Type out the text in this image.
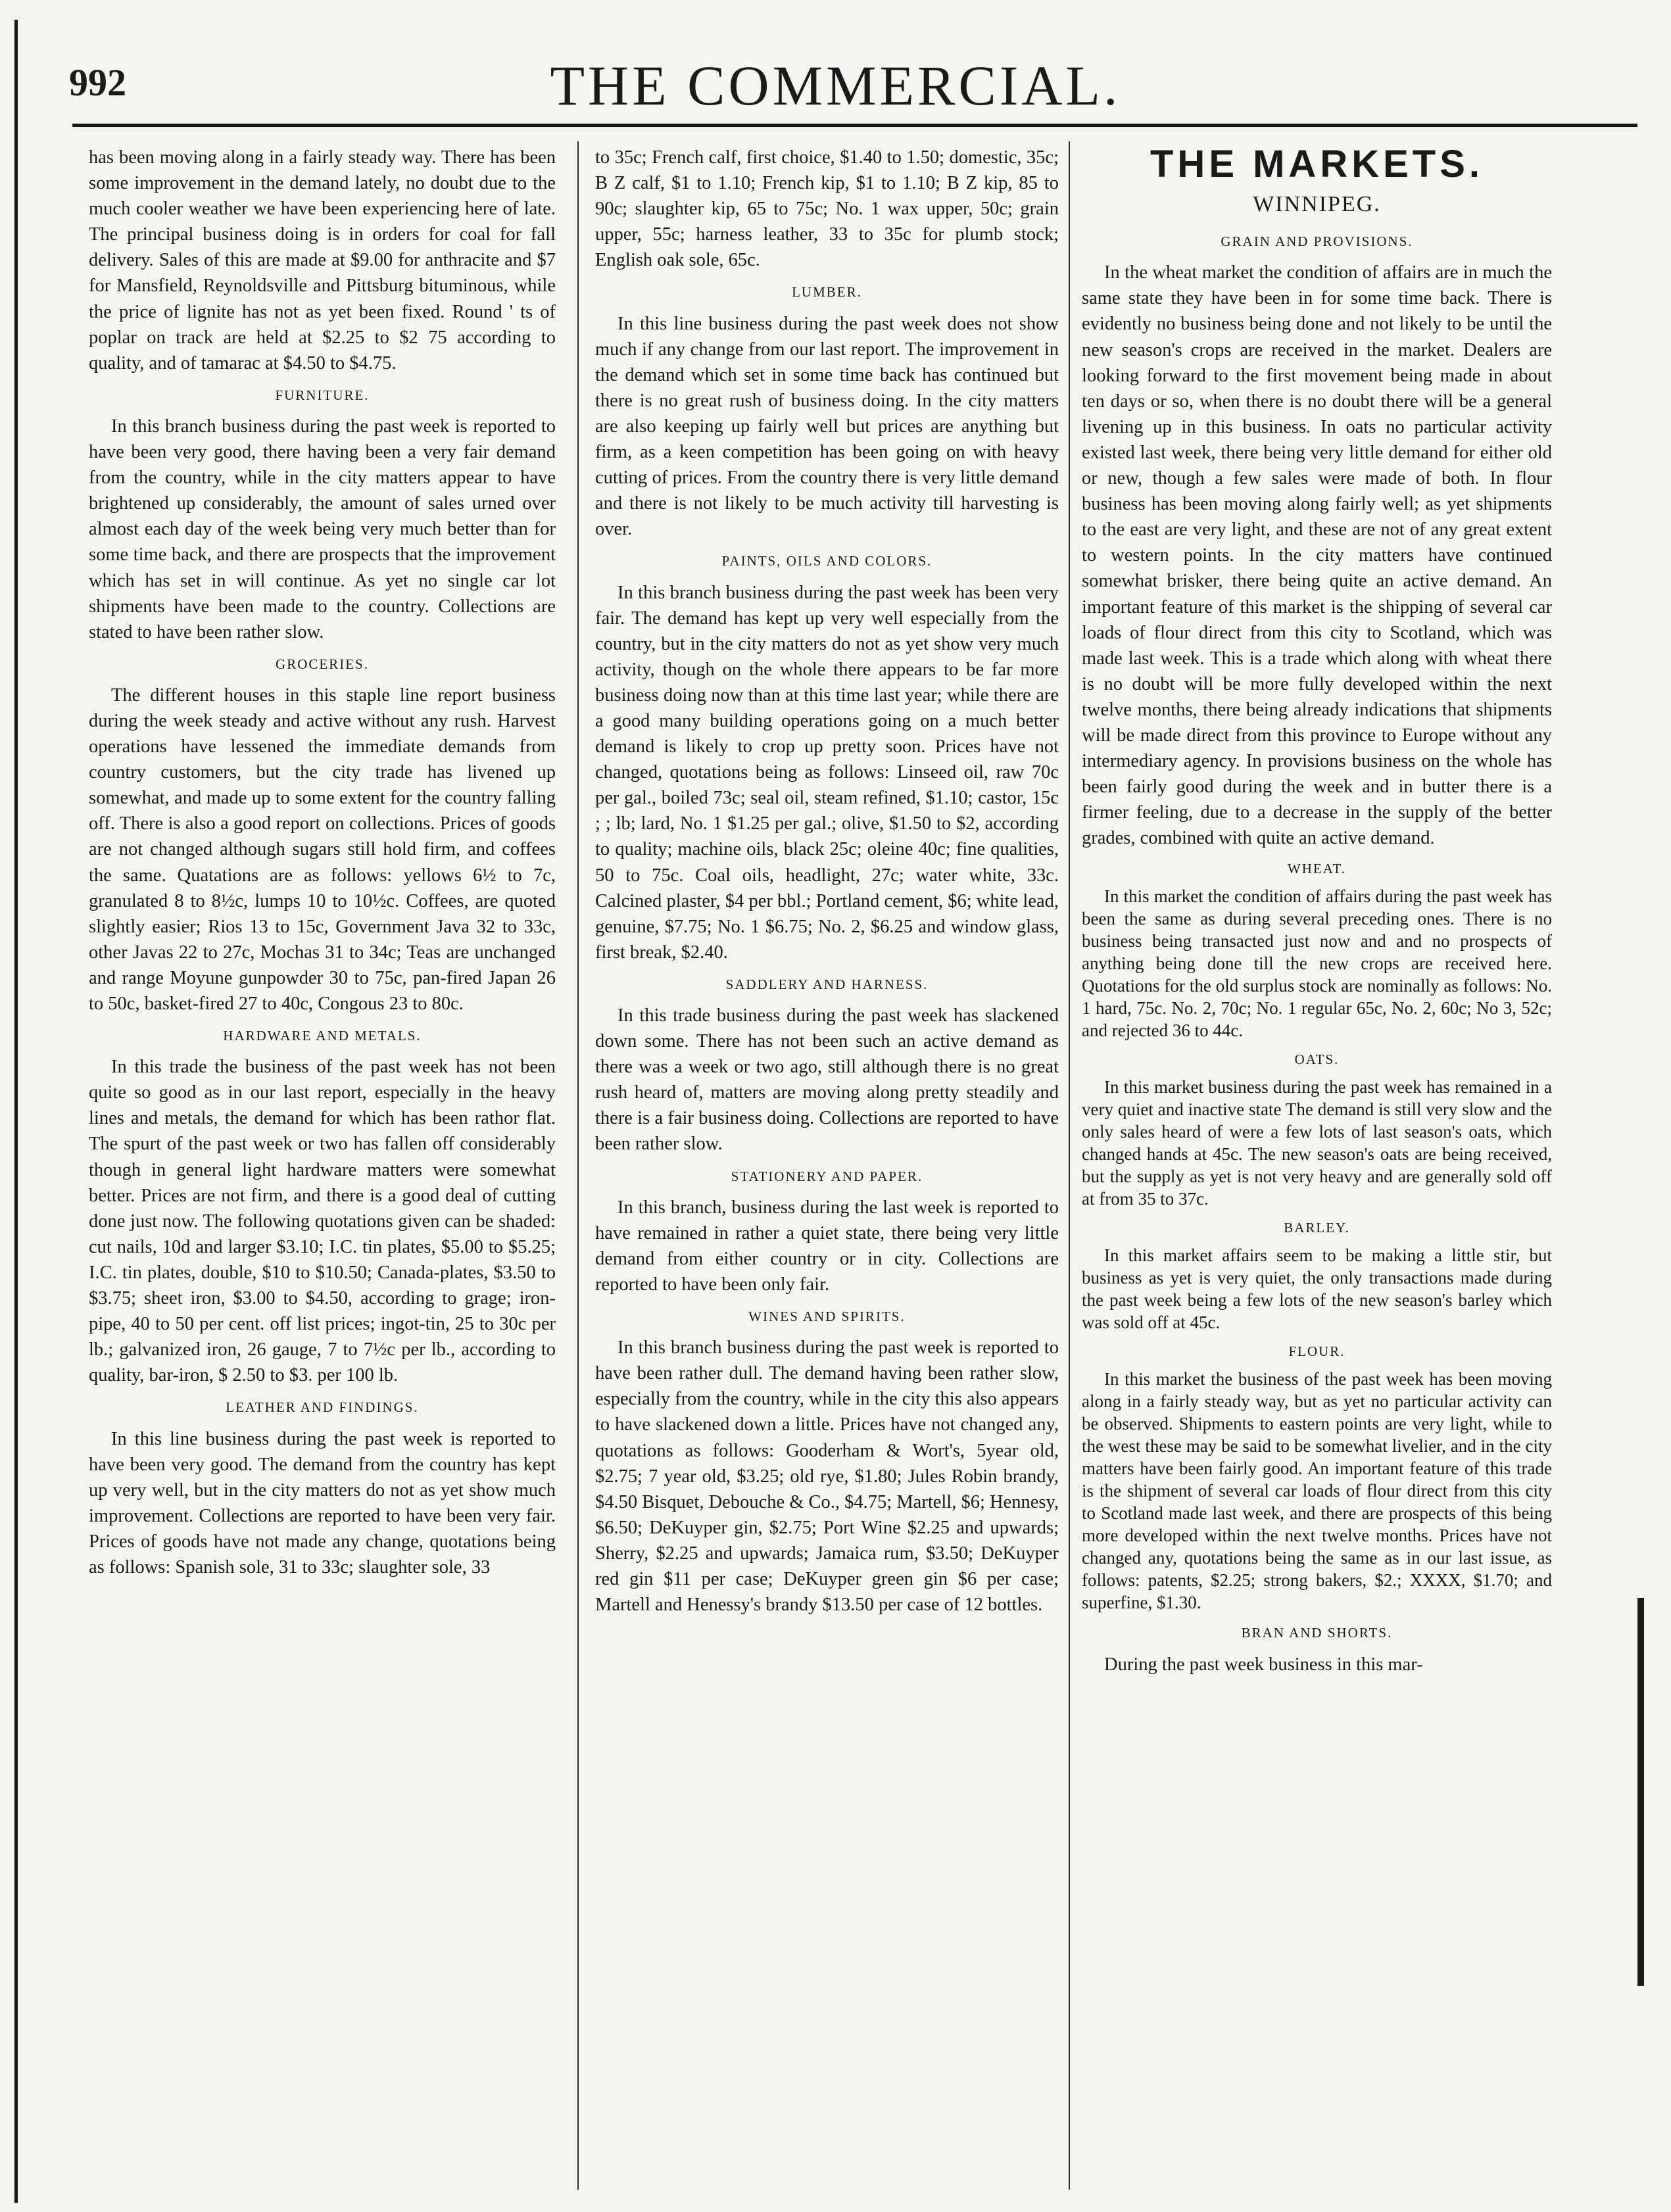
992	THE COMMERCIAL.

has been moving along in a fairly steady way. There has been some improvement in the demand lately, no doubt due to the much cooler weather we have been experiencing here of late. The principal business doing is in orders for coal for fall delivery. Sales of this are made at $9.00 for anthracite and $7 for Mansfield, Reynoldsville and Pittsburg bituminous, while the price of lignite has not as yet been fixed. Round ' ts of poplar on track are held at $2.25 to $2 75 according to quality, and of tamarac at $4.50 to $4.75.

FURNITURE.

In this branch business during the past week is reported to have been very good, there having been a very fair demand from the country, while in the city matters appear to have brightened up considerably, the amount of sales urned over almost each day of the week being very much better than for some time back, and there are prospects that the improvement which has set in will continue. As yet no single car lot shipments have been made to the country. Collections are stated to have been rather slow.

GROCERIES.

The different houses in this staple line report business during the week steady and active without any rush. Harvest operations have lessened the immediate demands from country customers, but the city trade has livened up somewhat, and made up to some extent for the country falling off. There is also a good report on collections. Prices of goods are not changed although sugars still hold firm, and coffees the same. Quatations are as follows: yellows 6½ to 7c, granulated 8 to 8½c, lumps 10 to 10½c. Coffees, are quoted slightly easier; Rios 13 to 15c, Government Java 32 to 33c, other Javas 22 to 27c, Mochas 31 to 34c; Teas are unchanged and range Moyune gunpowder 30 to 75c, pan-fired Japan 26 to 50c, basket-fired 27 to 40c, Congous 23 to 80c.

HARDWARE AND METALS.

In this trade the business of the past week has not been quite so good as in our last report, especially in the heavy lines and metals, the demand for which has been rathor flat. The spurt of the past week or two has fallen off considerably though in general light hardware matters were somewhat better. Prices are not firm, and there is a good deal of cutting done just now. The following quotations given can be shaded: cut nails, 10d and larger $3.10; I.C. tin plates, $5.00 to $5.25; I.C. tin plates, double, $10 to $10.50; Canada-plates, $3.50 to $3.75; sheet iron, $3.00 to $4.50, according to grage; iron-pipe, 40 to 50 per cent. off list prices; ingot-tin, 25 to 30c per lb.; galvanized iron, 26 gauge, 7 to 7½c per lb., according to quality, bar-iron, $ 2.50 to $3. per 100 lb.

LEATHER AND FINDINGS.

In this line business during the past week is reported to have been very good. The demand from the country has kept up very well, but in the city matters do not as yet show much improvement. Collections are reported to have been very fair. Prices of goods have not made any change, quotations being as follows: Spanish sole, 31 to 33c; slaughter sole, 33

to 35c; French calf, first choice, $1.40 to 1.50; domestic, 35c; B Z calf, $1 to 1.10; French kip, $1 to 1.10; B Z kip, 85 to 90c; slaughter kip, 65 to 75c; No. 1 wax upper, 50c; grain upper, 55c; harness leather, 33 to 35c for plumb stock; English oak sole, 65c.

LUMBER.

In this line business during the past week does not show much if any change from our last report. The improvement in the demand which set in some time back has continued but there is no great rush of business doing. In the city matters are also keeping up fairly well but prices are anything but firm, as a keen competition has been going on with heavy cutting of prices. From the country there is very little demand and there is not likely to be much activity till harvesting is over.

PAINTS, OILS AND COLORS.

In this branch business during the past week has been very fair. The demand has kept up very well especially from the country, but in the city matters do not as yet show very much activity, though on the whole there appears to be far more business doing now than at this time last year; while there are a good many building operations going on a much better demand is likely to crop up pretty soon. Prices have not changed, quotations being as follows: Linseed oil, raw 70c per gal., boiled 73c; seal oil, steam refined, $1.10; castor, 15c ; ; lb; lard, No. 1 $1.25 per gal.; olive, $1.50 to $2, according to quality; machine oils, black 25c; oleine 40c; fine qualities, 50 to 75c. Coal oils, headlight, 27c; water white, 33c. Calcined plaster, $4 per bbl.; Portland cement, $6; white lead, genuine, $7.75; No. 1 $6.75; No. 2, $6.25 and window glass, first break, $2.40.

SADDLERY AND HARNESS.

In this trade business during the past week has slackened down some. There has not been such an active demand as there was a week or two ago, still although there is no great rush heard of, matters are moving along pretty steadily and there is a fair business doing. Collections are reported to have been rather slow.

STATIONERY AND PAPER.

In this branch, business during the last week is reported to have remained in rather a quiet state, there being very little demand from either country or in city. Collections are reported to have been only fair.

WINES AND SPIRITS.

In this branch business during the past week is reported to have been rather dull. The demand having been rather slow, especially from the country, while in the city this also appears to have slackened down a little. Prices have not changed any, quotations as follows: Gooderham & Wort's, 5year old, $2.75; 7 year old, $3.25; old rye, $1.80; Jules Robin brandy, $4.50 Bisquet, Debouche & Co., $4.75; Martell, $6; Hennesy, $6.50; DeKuyper gin, $2.75; Port Wine $2.25 and upwards; Sherry, $2.25 and upwards; Jamaica rum, $3.50; DeKuyper red gin $11 per case; DeKuyper green gin $6 per case; Martell and Henessy's brandy $13.50 per case of 12 bottles.

THE MARKETS.
WINNIPEG.
GRAIN AND PROVISIONS.

In the wheat market the condition of affairs are in much the same state they have been in for some time back. There is evidently no business being done and not likely to be until the new season's crops are received in the market. Dealers are looking forward to the first movement being made in about ten days or so, when there is no doubt there will be a general livening up in this business. In oats no particular activity existed last week, there being very little demand for either old or new, though a few sales were made of both. In flour business has been moving along fairly well; as yet shipments to the east are very light, and these are not of any great extent to western points. In the city matters have continued somewhat brisker, there being quite an active demand. An important feature of this market is the shipping of several car loads of flour direct from this city to Scotland, which was made last week. This is a trade which along with wheat there is no doubt will be more fully developed within the next twelve months, there being already indications that shipments will be made direct from this province to Europe without any intermediary agency. In provisions business on the whole has been fairly good during the week and in butter there is a firmer feeling, due to a decrease in the supply of the better grades, combined with quite an active demand.

WHEAT.

In this market the condition of affairs during the past week has been the same as during several preceding ones. There is no business being transacted just now and and no prospects of anything being done till the new crops are received here. Quotations for the old surplus stock are nominally as follows: No. 1 hard, 75c. No. 2, 70c; No. 1 regular 65c, No. 2, 60c; No 3, 52c; and rejected 36 to 44c.

OATS.

In this market business during the past week has remained in a very quiet and inactive state The demand is still very slow and the only sales heard of were a few lots of last season's oats, which changed hands at 45c. The new season's oats are being received, but the supply as yet is not very heavy and are generally sold off at from 35 to 37c.

BARLEY.

In this market affairs seem to be making a little stir, but business as yet is very quiet, the only transactions made during the past week being a few lots of the new season's barley which was sold off at 45c.

FLOUR.

In this market the business of the past week has been moving along in a fairly steady way, but as yet no particular activity can be observed. Shipments to eastern points are very light, while to the west these may be said to be somewhat livelier, and in the city matters have been fairly good. An important feature of this trade is the shipment of several car loads of flour direct from this city to Scotland made last week, and there are prospects of this being more developed within the next twelve months. Prices have not changed any, quotations being the same as in our last issue, as follows: patents, $2.25; strong bakers, $2.; XXXX, $1.70; and superfine, $1.30.

BRAN AND SHORTS.

During the past week business in this mar-
